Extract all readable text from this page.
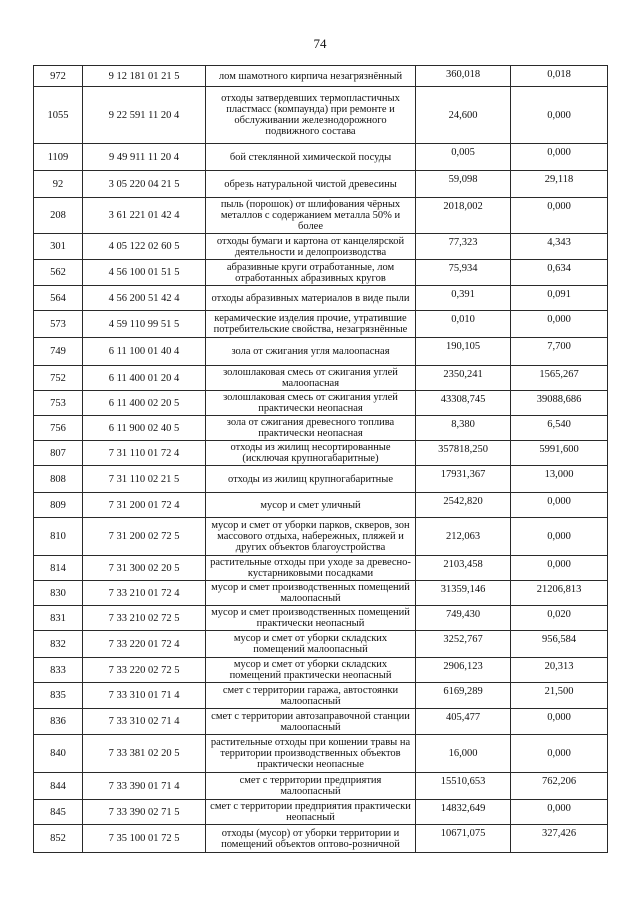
74
972	9 12 181 01 21 5	лом шамотного кирпича незагрязнённый	360,018	0,018
1055	9 22 591 11 20 4	отходы затвердевших термопластичных пластмасс (компаунда) при ремонте и обслуживании железнодорожного подвижного состава	24,600	0,000
1109	9 49 911 11 20 4	бой стеклянной химической посуды	0,005	0,000
92	3 05 220 04 21 5	обрезь натуральной чистой древесины	59,098	29,118
208	3 61 221 01 42 4	пыль (порошок) от шлифования чёрных металлов с содержанием металла 50% и более	2018,002	0,000
301	4 05 122 02 60 5	отходы бумаги и картона от канцелярской деятельности и делопроизводства	77,323	4,343
562	4 56 100 01 51 5	абразивные круги отработанные, лом отработанных абразивных кругов	75,934	0,634
564	4 56 200 51 42 4	отходы абразивных материалов в виде пыли	0,391	0,091
573	4 59 110 99 51 5	керамические изделия прочие, утратившие потребительские свойства, незагрязнённые	0,010	0,000
749	6 11 100 01 40 4	зола от сжигания угля малоопасная	190,105	7,700
752	6 11 400 01 20 4	золошлаковая смесь от сжигания углей малоопасная	2350,241	1565,267
753	6 11 400 02 20 5	золошлаковая смесь от сжигания углей практически неопасная	43308,745	39088,686
756	6 11 900 02 40 5	зола от сжигания древесного топлива практически неопасная	8,380	6,540
807	7 31 110 01 72 4	отходы из жилищ несортированные (исключая крупногабаритные)	357818,250	5991,600
808	7 31 110 02 21 5	отходы из жилищ крупногабаритные	17931,367	13,000
809	7 31 200 01 72 4	мусор и смет уличный	2542,820	0,000
810	7 31 200 02 72 5	мусор и смет от уборки парков, скверов, зон массового отдыха, набережных, пляжей и других объектов благоустройства	212,063	0,000
814	7 31 300 02 20 5	растительные отходы при уходе за древесно-кустарниковыми посадками	2103,458	0,000
830	7 33 210 01 72 4	мусор и смет производственных помещений малоопасный	31359,146	21206,813
831	7 33 210 02 72 5	мусор и смет производственных помещений практически неопасный	749,430	0,020
832	7 33 220 01 72 4	мусор и смет от уборки складских помещений малоопасный	3252,767	956,584
833	7 33 220 02 72 5	мусор и смет от уборки складских помещений практически неопасный	2906,123	20,313
835	7 33 310 01 71 4	смет с территории гаража, автостоянки малоопасный	6169,289	21,500
836	7 33 310 02 71 4	смет с территории автозаправочной станции малоопасный	405,477	0,000
840	7 33 381 02 20 5	растительные отходы при кошении травы на территории производственных объектов практически неопасные	16,000	0,000
844	7 33 390 01 71 4	смет с территории предприятия малоопасный	15510,653	762,206
845	7 33 390 02 71 5	смет с территории предприятия практически неопасный	14832,649	0,000
852	7 35 100 01 72 5	отходы (мусор) от уборки территории и помещений объектов оптово-розничной	10671,075	327,426
